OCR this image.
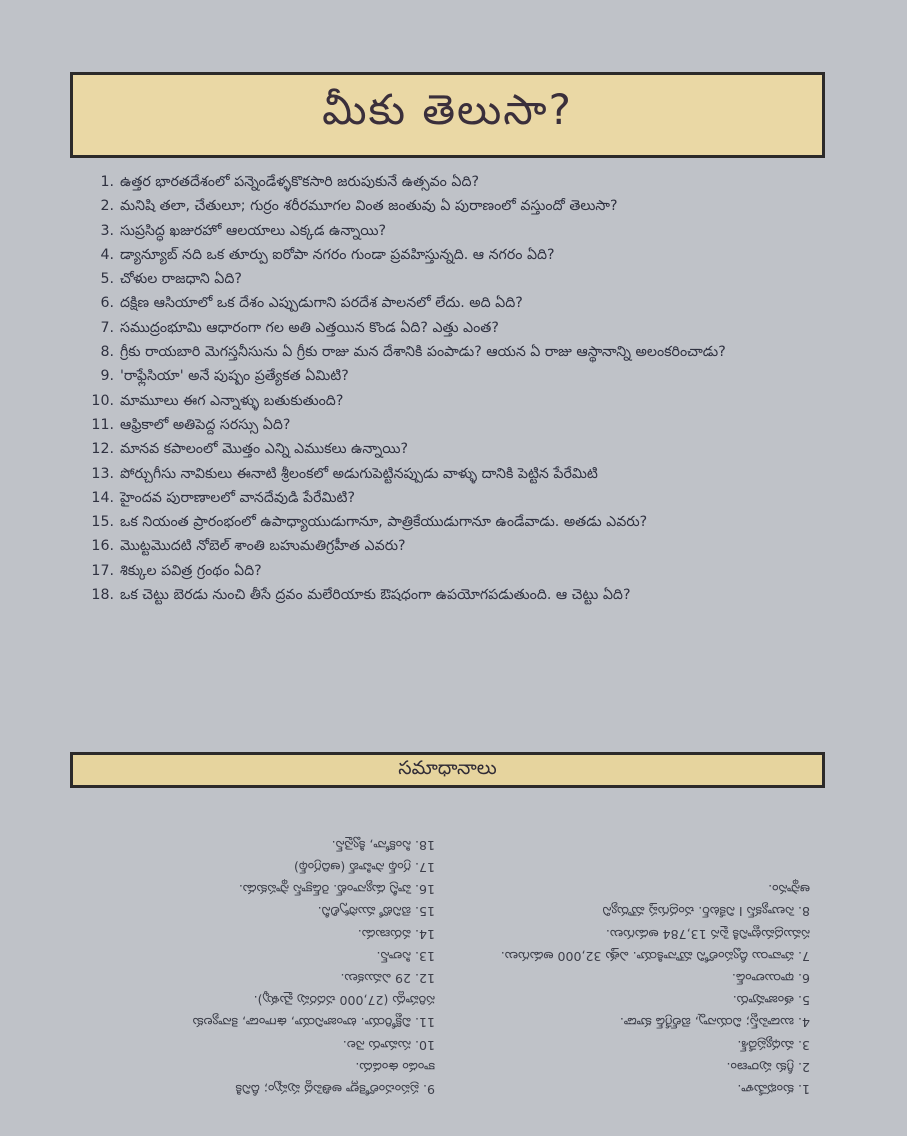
మీకు తెలుసా?
1. ఉత్తర భారతదేశంలో పన్నెండేళ్ళకొకసారి జరుపుకునే ఉత్సవం ఏది?
2. మనిషి తలా, చేతులూ; గుర్రం శరీరమూగల వింత జంతువు ఏ పురాణంలో వస్తుందో తెలుసా?
3. సుప్రసిద్ధ ఖజురహో ఆలయాలు ఎక్కడ ఉన్నాయి?
4. డ్యాన్యూబ్ నది ఒక తూర్పు ఐరోపా నగరం గుండా ప్రవహిస్తున్నది. ఆ నగరం ఏది?
5. చోళుల రాజధాని ఏది?
6. దక్షిణ ఆసియాలో ఒక దేశం ఎప్పుడుగాని పరదేశ పాలనలో లేదు. అది ఏది?
7. సముద్రంభూమి ఆధారంగా గల అతి ఎత్తయిన కొండ ఏది? ఎత్తు ఎంత?
8. గ్రీకు రాయబారి మెగస్తనీసును ఏ గ్రీకు రాజు మన దేశానికి పంపాడు? ఆయన ఏ రాజు ఆస్థానాన్ని అలంకరించాడు?
9. 'రాఫ్లేసియా' అనే పుష్పం ప్రత్యేకత ఏమిటి?
10. మామూలు ఈగ ఎన్నాళ్ళు బతుకుతుంది?
11. ఆఫ్రికాలో అతిపెద్ద సరస్సు ఏది?
12. మానవ కపాలంలో మొత్తం ఎన్ని ఎముకలు ఉన్నాయి?
13. పోర్చుగీసు నావికులు ఈనాటి శ్రీలంకలో అడుగుపెట్టినప్పుడు వాళ్ళు దానికి పెట్టిన పేరేమిటి
14. హైందవ పురాణాలలో వానదేవుడి పేరేమిటి?
15. ఒక నియంత ప్రారంభంలో ఉపాధ్యాయుడుగానూ, పాత్రికేయుడుగానూ ఉండేవాడు. అతడు ఎవరు?
16. మొట్టమొదటి నోబెల్ శాంతి బహుమతిగ్రహీత ఎవరు?
17. శిక్కుల పవిత్ర గ్రంథం ఏది?
18. ఒక చెట్టు బెరడు నుంచి తీసే ద్రవం మలేరియాకు ఔషధంగా ఉపయోగపడుతుంది. ఆ చెట్టు ఏది?
సమాధానాలు
1. కుంభమేళా.
2. గ్రీకు పురాణం.
3. మధ్యప్రదేశ్.
4. బుడాపెస్ట్; వియన్నా, బెల్‌గ్రేడ్ కూడా.
5. తంజావూరు.
6. థాయిలాండ్.
7. హవాయి ద్వీపంలోని మౌనాకియా. ఎత్తు 32,000 అడుగులు.
సముద్రమట్టానికి పైన 13,784 అడుగులు.
8. సెల్యూకస్ I నికేటర్. చంద్రగుప్త మౌర్యుని
ఆస్థానం.
9. ప్రపంచంలోకెల్లా అతిపెద్ద పుష్పం; దీనికి
కాండం ఉండదు.
10. సుమారు నెల.
11. విక్టోరియా. టాంజానియా, ఉగాండా, కెన్యాలకు
సరిహద్దు (27,000 చదరపు మైళ్ళు).
12. 29 ఎముకలు.
13. సిలాన్.
14. వరుణుడు.
15. బెనిటో ముస్సోలినీ.
16. హెన్రీ డ్యునాంట్. రెడ్‌క్రాస్ స్థాపకుడు.
17. గ్రంథ్ సాహిబ్ (ఆదిగ్రంథ్)
18. సింకోనా, క్వినైన్.
